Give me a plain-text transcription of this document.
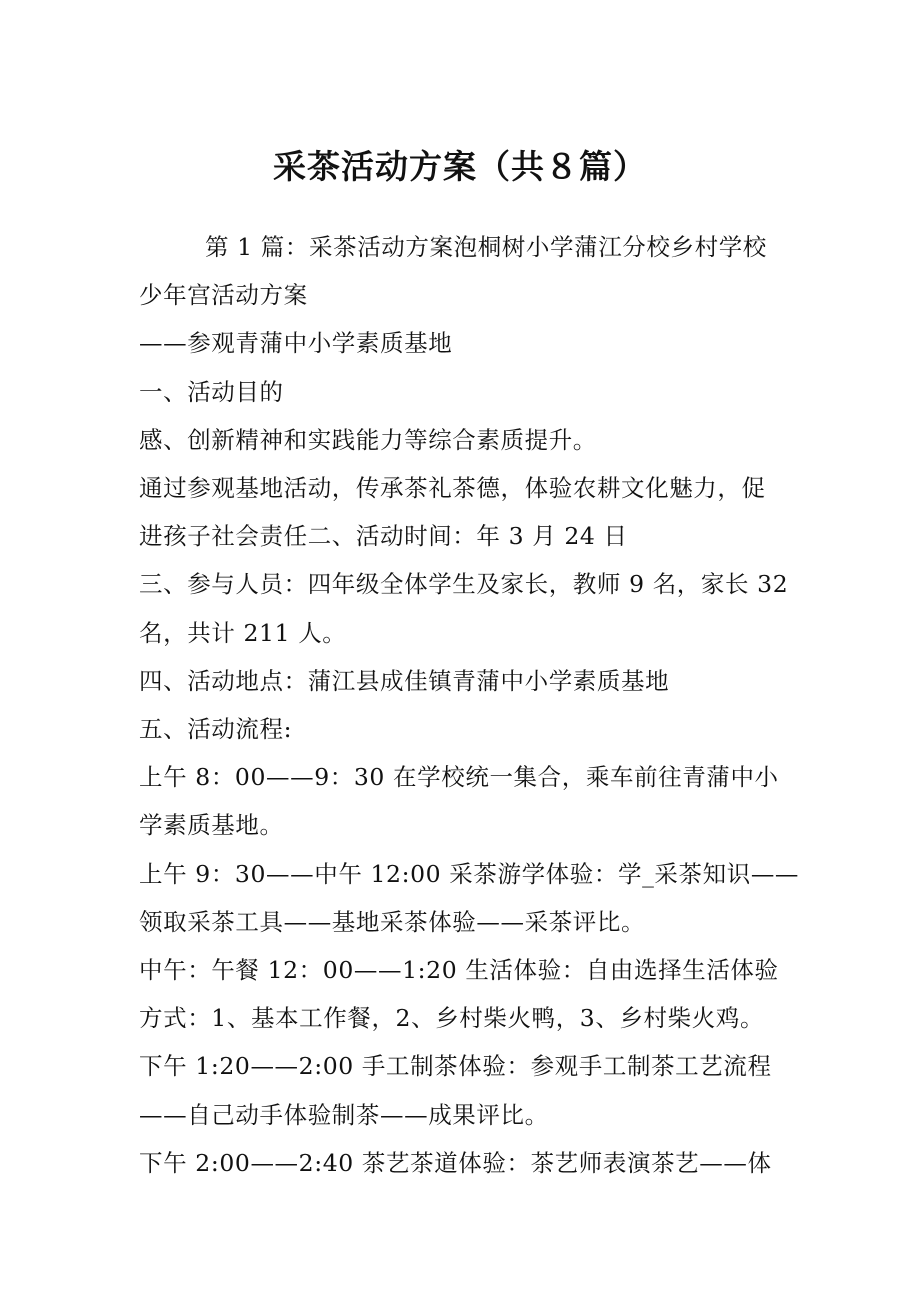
采茶活动方案（共８篇）

第 1 篇：采茶活动方案泡桐树小学蒲江分校乡村学校

少年宫活动方案

——参观青蒲中小学素质基地

一、活动目的

感、创新精神和实践能力等综合素质提升。

通过参观基地活动，传承茶礼茶德，体验农耕文化魅力，促

进孩子社会责任二、活动时间：年 3 月 24 日

三、参与人员：四年级全体学生及家长，教师 9 名，家长 32

名，共计 211 人。

四、活动地点：蒲江县成佳镇青蒲中小学素质基地

五、活动流程:

上午 8：00——9：30 在学校统一集合，乘车前往青蒲中小

学素质基地。

上午 9：30——中午 12:00 采茶游学体验：学_采茶知识——

领取采茶工具——基地采茶体验——采茶评比。

中午：午餐 12：00——1:20 生活体验：自由选择生活体验

方式：1、基本工作餐，2、乡村柴火鸭，3、乡村柴火鸡。

下午 1:20——2:00 手工制茶体验：参观手工制茶工艺流程

——自己动手体验制茶——成果评比。

下午 2:00——2:40 茶艺茶道体验：茶艺师表演茶艺——体
